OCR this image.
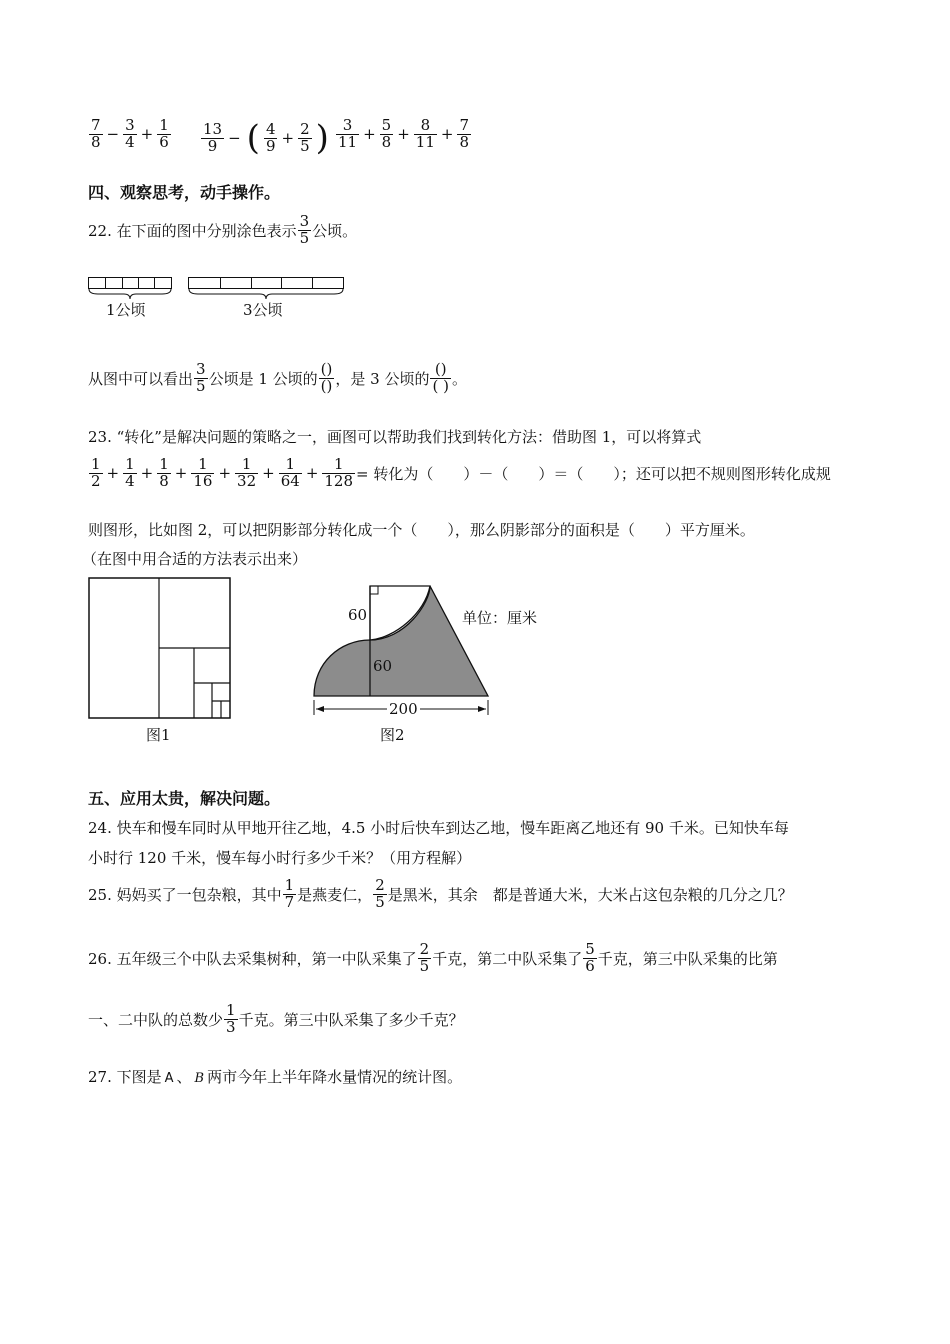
$\frac{7}{8} - \frac{3}{4} + \frac{1}{6} \frac{13}{9}$ − ( $\frac{4}{9} + \frac{2}{5}$ ) $\frac{3}{11} + \frac{5}{8} + \frac{8}{11} + \frac{7}{8}$
四、观察思考，动手操作。
22. 在下面的图中分别涂色表示 $\frac{3}{5}$ 公顷。
1公顷	3公顷
从图中可以看出 $\frac{3}{5}$ 公顷是 1 公顷的 $\frac{()}{()}$ ，是 3 公顷的 $\frac{()}{( )}$ 。
23. “转化”是解决问题的策略之一，画图可以帮助我们找到转化方法：借助图 1，可以将算式
$\frac{1}{2} + \frac{1}{4} + \frac{1}{8} + \frac{1}{16} + \frac{1}{32} + \frac{1}{64} + \frac{1}{128}$ = 转化为（　　）－（　　）＝（　　）；还可以把不规则图形转化成规
则图形，比如图 2，可以把阴影部分转化成一个（　　），那么阴影部分的面积是（　　）平方厘米。
（在图中用合适的方法表示出来）
图1
60
60
200
单位：厘米
图2
五、应用太贵，解决问题。
24. 快车和慢车同时从甲地开往乙地，4.5 小时后快车到达乙地，慢车距离乙地还有 90 千米。已知快车每
小时行 120 千米，慢车每小时行多少千米？（用方程解）
25. 妈妈买了一包杂粮，其中 $\frac{1}{7}$ 是燕麦仁， $\frac{2}{5}$ 是黑米，其余　都是普通大米，大米占这包杂粮的几分之几？
26. 五年级三个中队去采集树种，第一中队采集了 $\frac{2}{5}$ 千克，第二中队采集了 $\frac{5}{6}$ 千克，第三中队采集的比第
一、二中队的总数少 $\frac{1}{3}$ 千克。第三中队采集了多少千克？
27. 下图是 A 、 B 两市今年上半年降水量情况的统计图。
